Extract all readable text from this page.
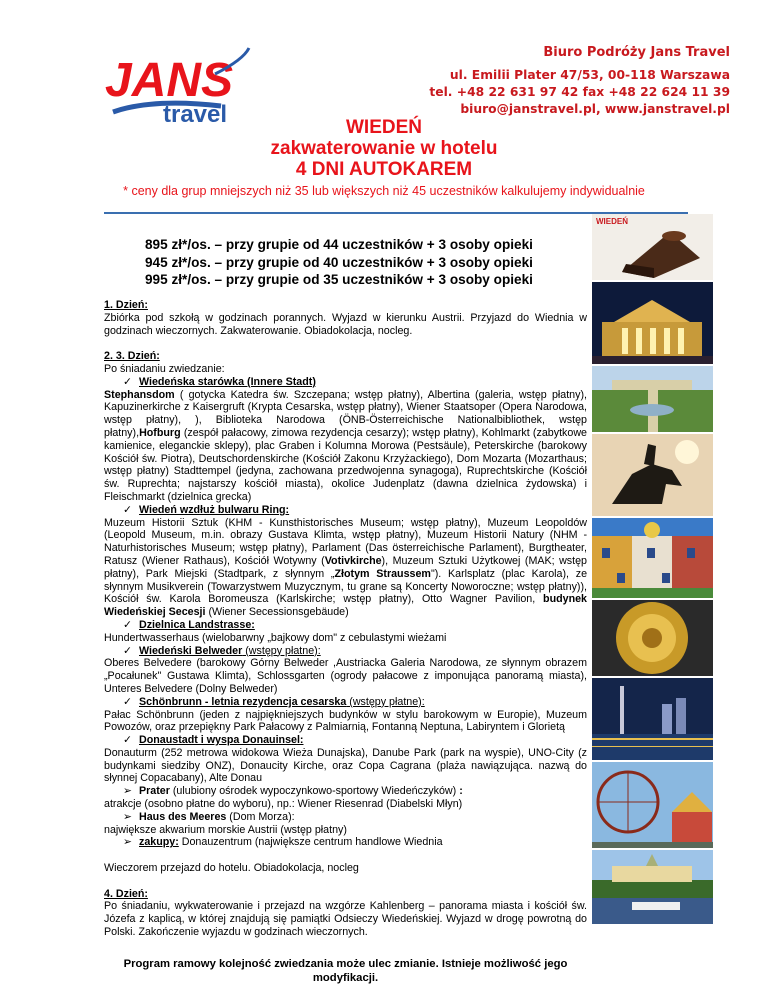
JANS
travel
Biuro Podróży Jans Travel
ul. Emilii Plater 47/53, 00-118 Warszawa
tel. +48 22 631 97 42 fax +48 22 624 11 39
biuro@janstravel.pl, www.janstravel.pl
WIEDEŃ
zakwaterowanie w hotelu
4 DNI AUTOKAREM
* ceny dla grup mniejszych niż 35 lub większych niż 45 uczestników kalkulujemy indywidualnie
895 zł*/os. – przy grupie od 44 uczestników + 3 osoby opieki
945 zł*/os. – przy grupie od 40 uczestników + 3 osoby opieki
995 zł*/os. – przy grupie od 35 uczestników + 3 osoby opieki
1. Dzień:
Zbiórka pod szkołą w godzinach porannych. Wyjazd w kierunku Austrii. Przyjazd do Wiednia w godzinach wieczornych. Zakwaterowanie. Obiadokolacja, nocleg.
2. 3. Dzień:
Po śniadaniu zwiedzanie:
✓ Wiedeńska starówka (Innere Stadt)
Stephansdom ( gotycka Katedra św. Szczepana; wstęp płatny), Albertina (galeria, wstęp płatny), Kapuzinerkirche z Kaisergruft (Krypta Cesarska, wstęp płatny), Wiener Staatsoper (Opera Narodowa, wstęp płatny), ), Biblioteka Narodowa (ÖNB-Österreichische Nationalbibliothek, wstęp płatny),Hofburg (zespół pałacowy, zimowa rezydencja cesarzy); wstęp płatny), Kohlmarkt (zabytkowe kamienice, eleganckie sklepy), plac Graben i Kolumna Morowa (Pestsäule), Peterskirche (barokowy Kościół św. Piotra), Deutschordenskirche (Kościół Zakonu Krzyżackiego), Dom Mozarta (Mozarthaus; wstęp płatny) Stadttempel (jedyna, zachowana przedwojenna synagoga), Ruprechtskirche (Kościół św. Ruprechta; najstarszy kościół miasta), okolice Judenplatz (dawna dzielnica żydowska) i Fleischmarkt (dzielnica grecka)
✓ Wiedeń wzdłuż bulwaru Ring:
Muzeum Historii Sztuk (KHM - Kunsthistorisches Museum; wstęp płatny), Muzeum Leopoldów (Leopold Museum, m.in. obrazy Gustava Klimta, wstęp płatny), Muzeum Historii Natury (NHM - Naturhistorisches Museum; wstęp płatny), Parlament (Das österreichische Parlament), Burgtheater, Ratusz (Wiener Rathaus), Kościół Wotywny (Votivkirche), Muzeum Sztuki Użytkowej (MAK; wstęp płatny), Park Miejski (Stadtpark, z słynnym „Złotym Straussem"). Karlsplatz (plac Karola), ze słynnym Musikverein (Towarzystwem Muzycznym, tu grane są Koncerty Noworoczne; wstęp płatny)), Kościół św. Karola Boromeusza (Karlskirche; wstęp płatny), Otto Wagner Pavilion, budynek Wiedeńskiej Secesji (Wiener Secessionsgebäude)
✓ Dzielnica Landstrasse:
Hundertwasserhaus (wielobarwny „bajkowy dom" z cebulastymi wieżami
✓ Wiedeński Belweder (wstępy płatne):
Oberes Belvedere (barokowy Górny Belweder ,Austriacka Galeria Narodowa, ze słynnym obrazem „Pocałunek" Gustawa Klimta), Schlossgarten (ogrody pałacowe z imponująca panoramą miasta), Unteres Belvedere (Dolny Belweder)
✓ Schönbrunn - letnia rezydencja cesarska (wstępy płatne):
Pałac Schönbrunn (jeden z najpiękniejszych budynków w stylu barokowym w Europie), Muzeum Powozów, oraz przepiękny Park Pałacowy z Palmiarnią, Fontanną Neptuna, Labiryntem i Glorietą
✓ Donaustadt i wyspa Donauinsel:
Donauturm (252 metrowa widokowa Wieża Dunajska), Danube Park (park na wyspie), UNO-City (z budynkami siedziby ONZ), Donaucity Kirche, oraz Copa Cagrana (plaża nawiązująca. nazwą do słynnej Copacabany), Alte Donau
➢ Prater (ulubiony ośrodek wypoczynkowo-sportowy Wiedeńczyków) :
atrakcje (osobno płatne do wyboru), np.: Wiener Riesenrad (Diabelski Młyn)
➢ Haus des Meeres (Dom Morza):
największe akwarium morskie Austrii (wstęp płatny)
➢ zakupy: Donauzentrum (największe centrum handlowe Wiednia
Wieczorem przejazd do hotelu. Obiadokolacja, nocleg
4. Dzień:
Po śniadaniu, wykwaterowanie i przejazd na wzgórze Kahlenberg – panorama miasta i kościół św. Józefa z kaplicą, w której znajdują się pamiątki Odsieczy Wiedeńskiej. Wyjazd w drogę powrotną do Polski. Zakończenie wyjazdu w godzinach wieczornych.
Program ramowy kolejność zwiedzania może ulec zmianie. Istnieje możliwość jego modyfikacji.
WIEDEŃ
